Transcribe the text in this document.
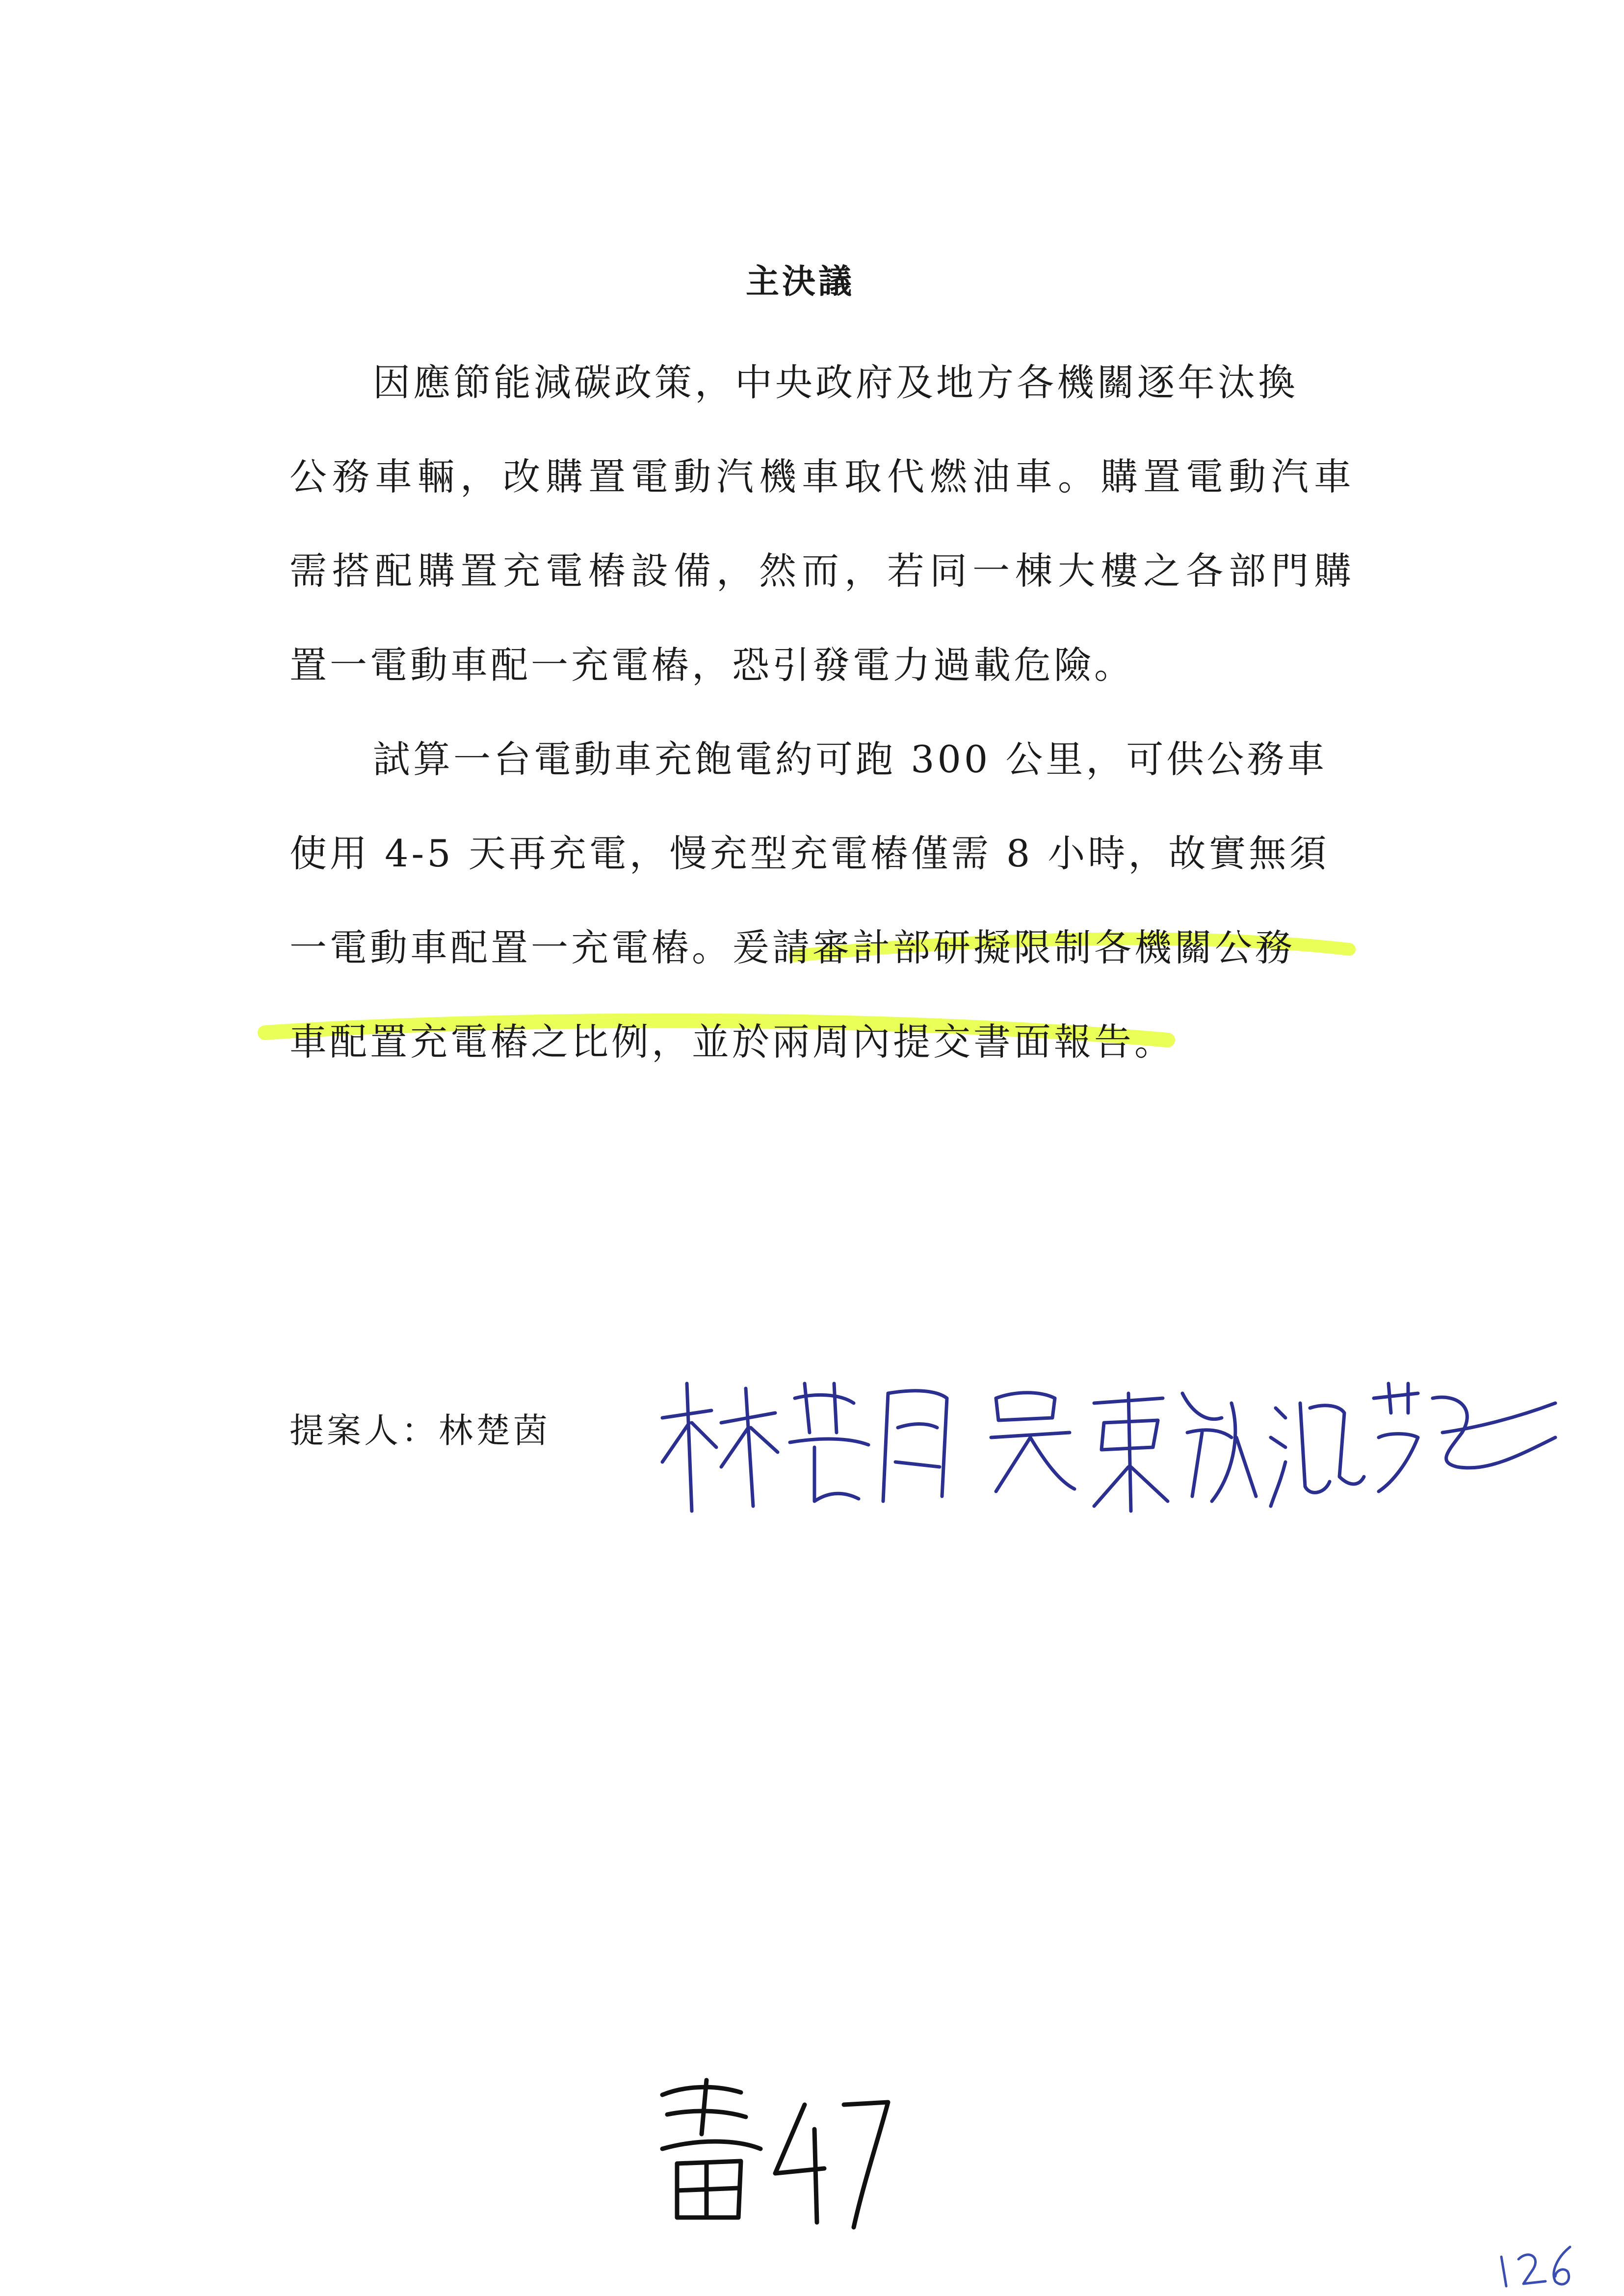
主決議
因應節能減碳政策，中央政府及地方各機關逐年汰換
公務車輛，改購置電動汽機車取代燃油車。購置電動汽車
需搭配購置充電樁設備，然而，若同一棟大樓之各部門購
置一電動車配一充電樁，恐引發電力過載危險。
試算一台電動車充飽電約可跑 300 公里，可供公務車
使用 4-5 天再充電，慢充型充電樁僅需 8 小時，故實無須
一電動車配置一充電樁。爰請審計部研擬限制各機關公務
車配置充電樁之比例，並於兩周內提交書面報告。
提案人：林楚茵
